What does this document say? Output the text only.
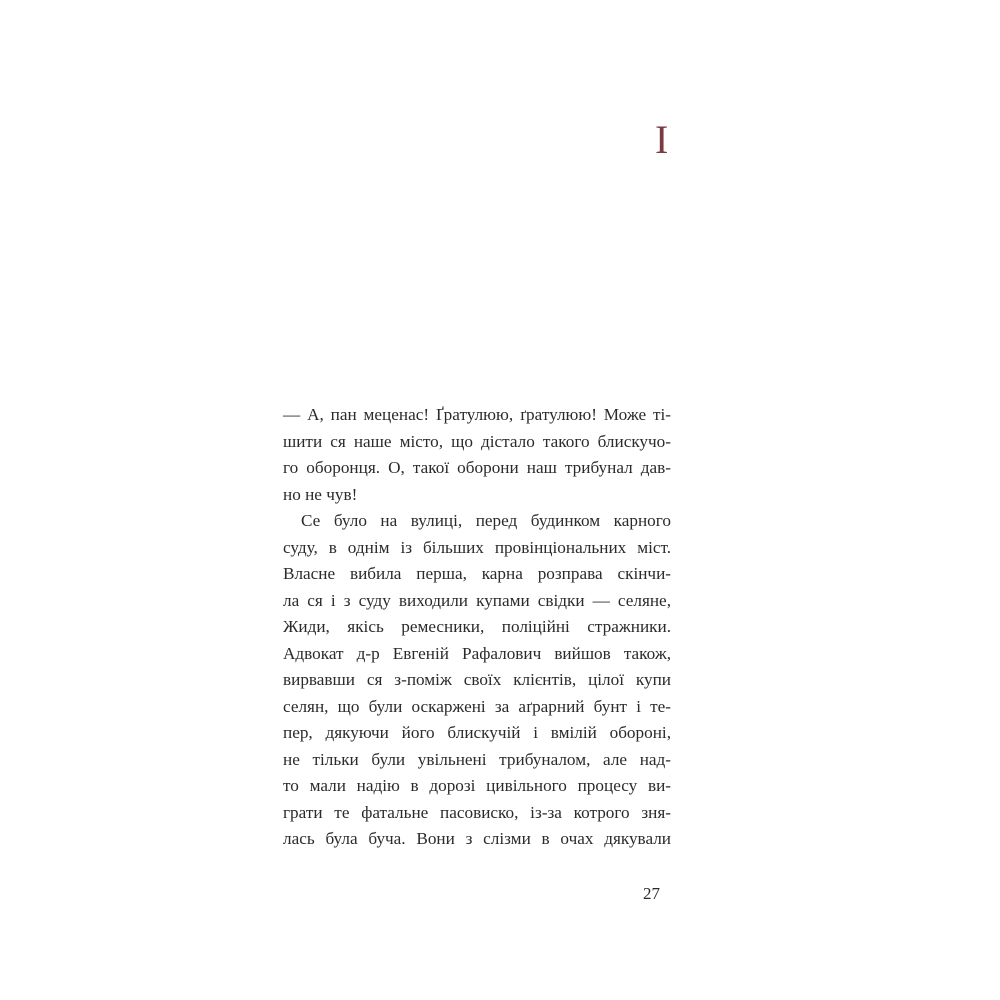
I
— А, пан меценас! Ґратулюю, ґратулюю! Може ті-
шити ся наше місто, що дістало такого блискучо-
го оборонця. О, такої оборони наш трибунал дав-
но не чув!
Се було на вулиці, перед будинком карного
суду, в однім із більших провінціональних міст.
Власне вибила перша, карна розправа скінчи-
ла ся і з суду виходили купами свідки — селяне,
Жиди, якісь ремесники, поліційні стражники.
Адвокат д-р Евгеній Рафалович вийшов також,
вирвавши ся з-поміж своїх клієнтів, цілої купи
селян, що були оскаржені за аґрарний бунт і те-
пер, дякуючи його блискучій і вмілій обороні,
не тільки були увільнені трибуналом, але над-
то мали надію в дорозі цивільного процесу ви-
грати те фатальне пасовиско, із-за котрого зня-
лась була буча. Вони з слізми в очах дякували
27
